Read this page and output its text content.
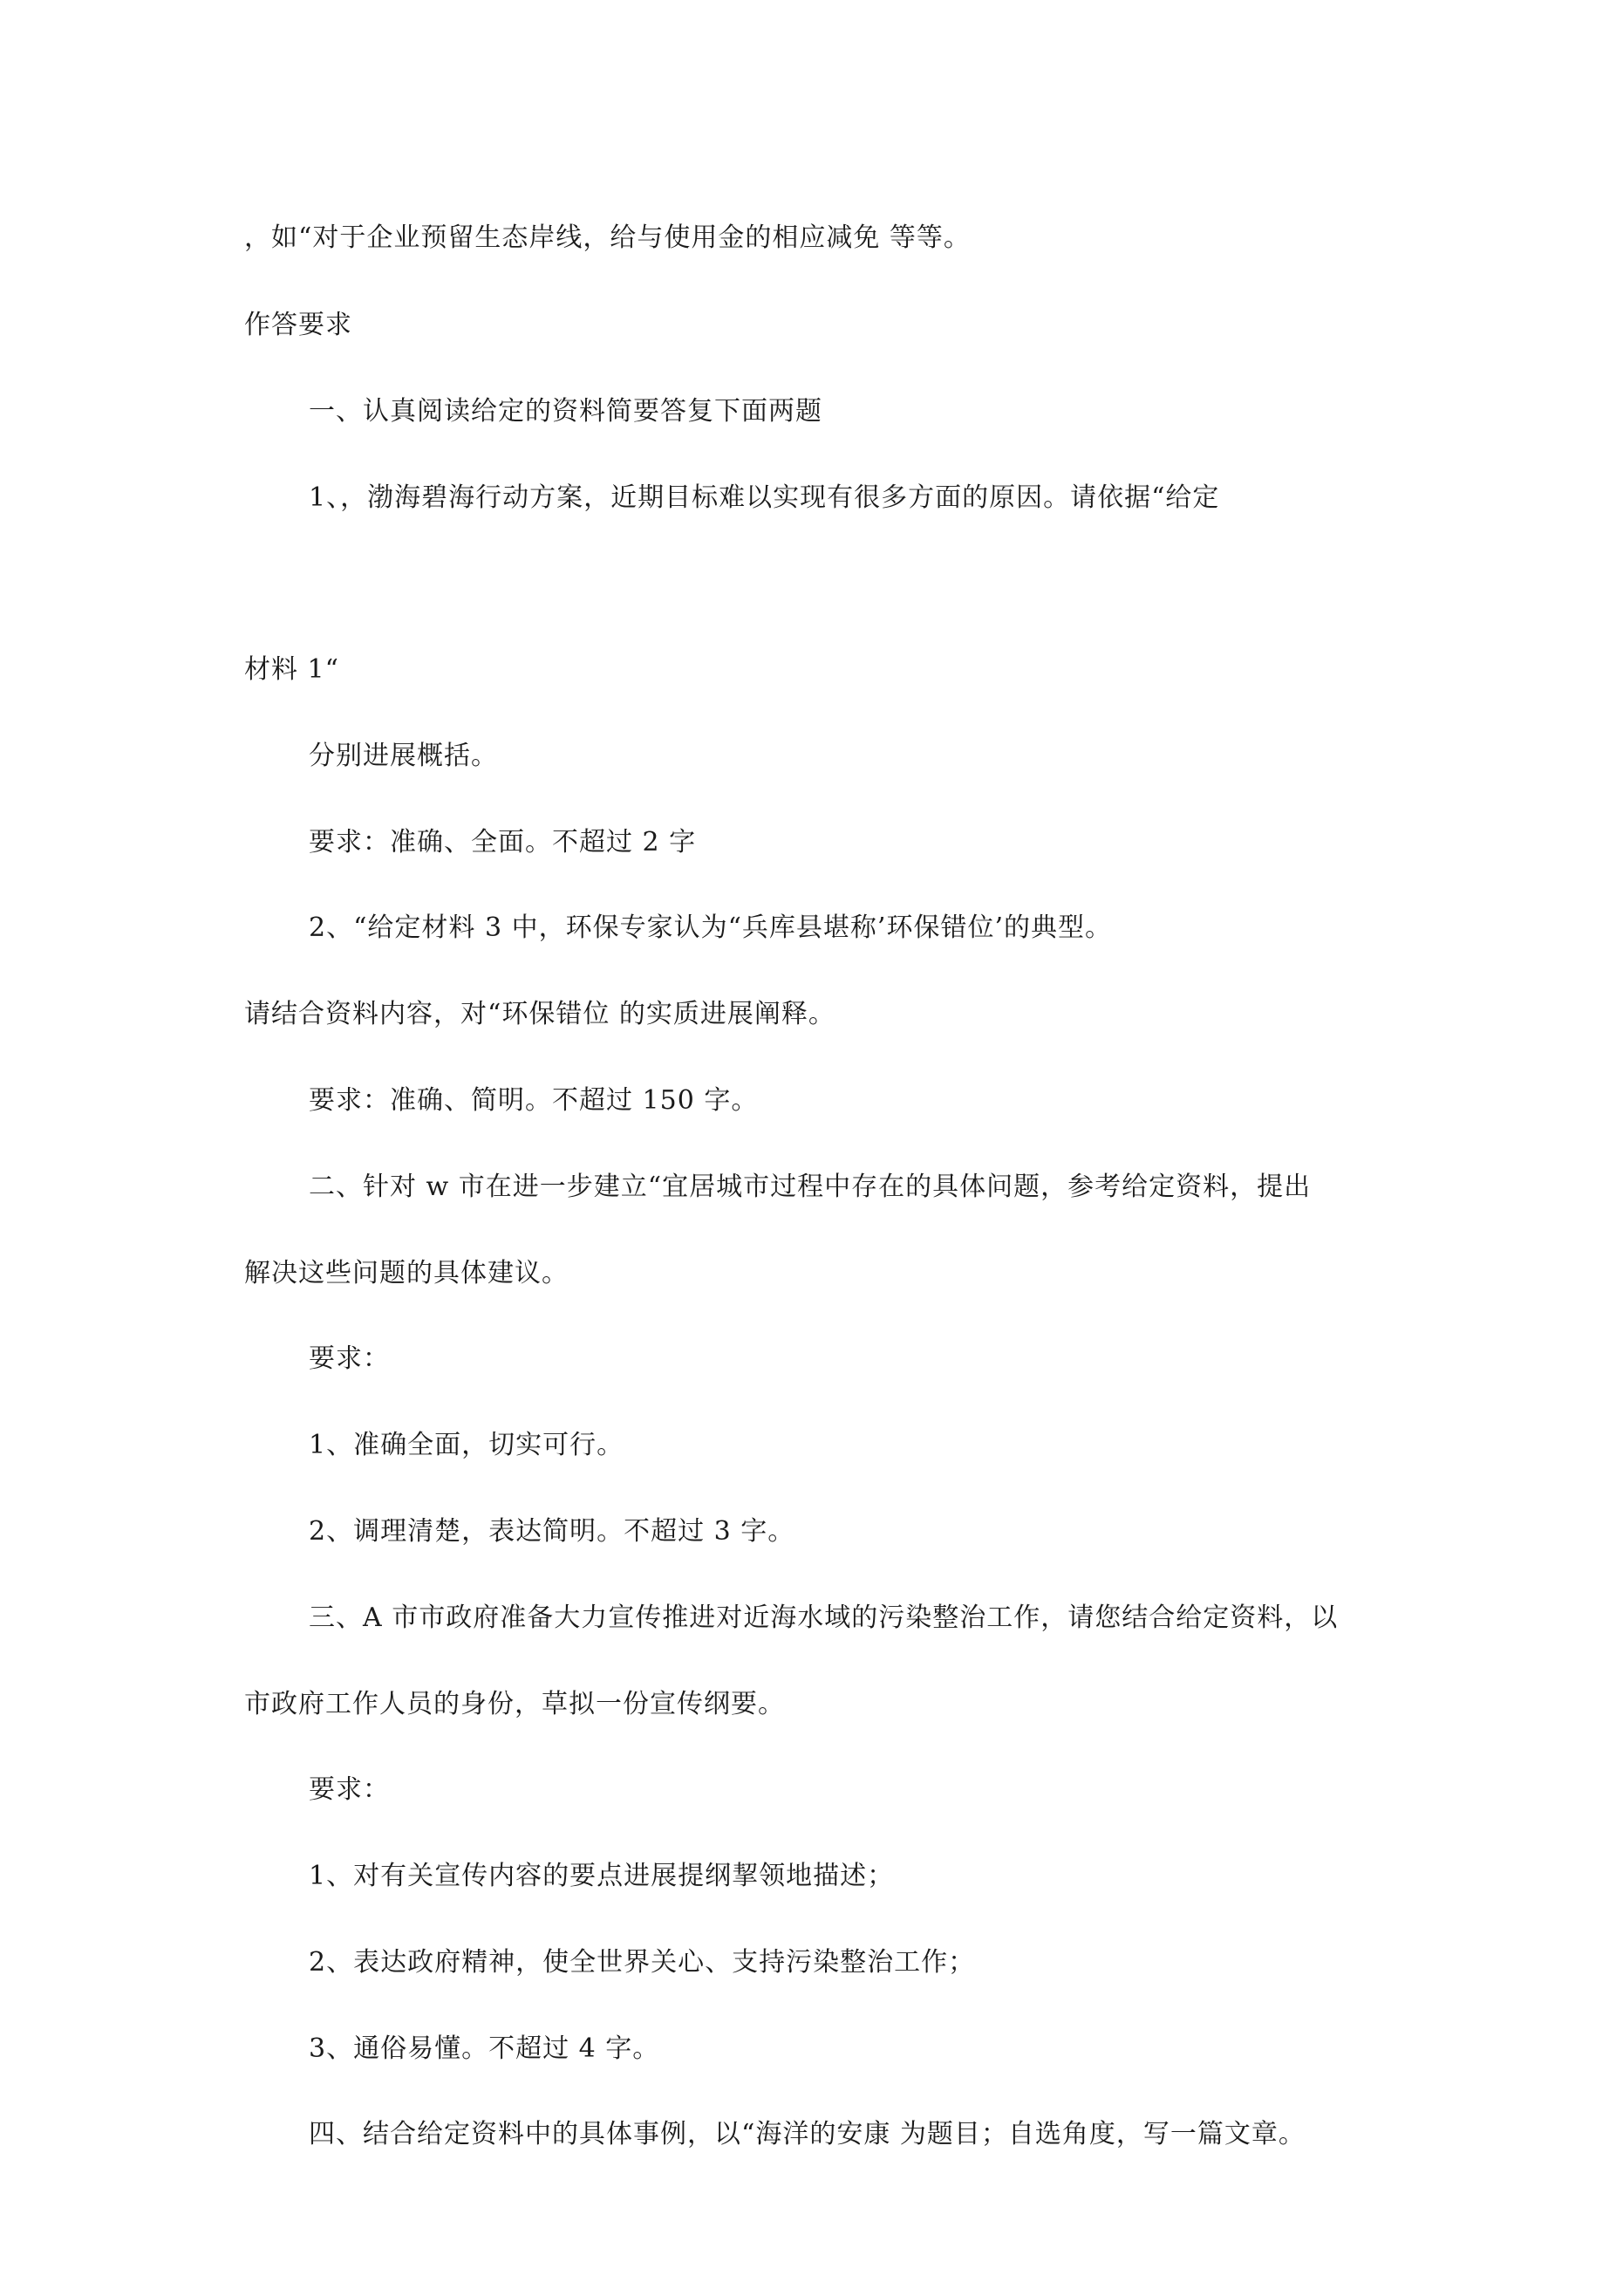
，如“对于企业预留生态岸线，给与使用金的相应减免 等等。
作答要求
一、认真阅读给定的资料简要答复下面两题
1、，渤海碧海行动方案，近期目标难以实现有很多方面的原因。请依据“给定
材料 1“
分别进展概括。
要求：准确、全面。不超过 2 字
2、“给定材料 3 中，环保专家认为“兵库县堪称’环保错位’的典型。
请结合资料内容，对“环保错位 的实质进展阐释。
要求：准确、简明。不超过 150 字。
二、针对 w 市在进一步建立“宜居城市过程中存在的具体问题，参考给定资料，提出
解决这些问题的具体建议。
要求：
1、准确全面，切实可行。
2、调理清楚，表达简明。不超过 3 字。
三、A 市市政府准备大力宣传推进对近海水域的污染整治工作，请您结合给定资料，以
市政府工作人员的身份，草拟一份宣传纲要。
要求：
1、对有关宣传内容的要点进展提纲挈领地描述；
2、表达政府精神，使全世界关心、支持污染整治工作；
3、通俗易懂。不超过 4 字。
四、结合给定资料中的具体事例，以“海洋的安康 为题目；自选角度，写一篇文章。
